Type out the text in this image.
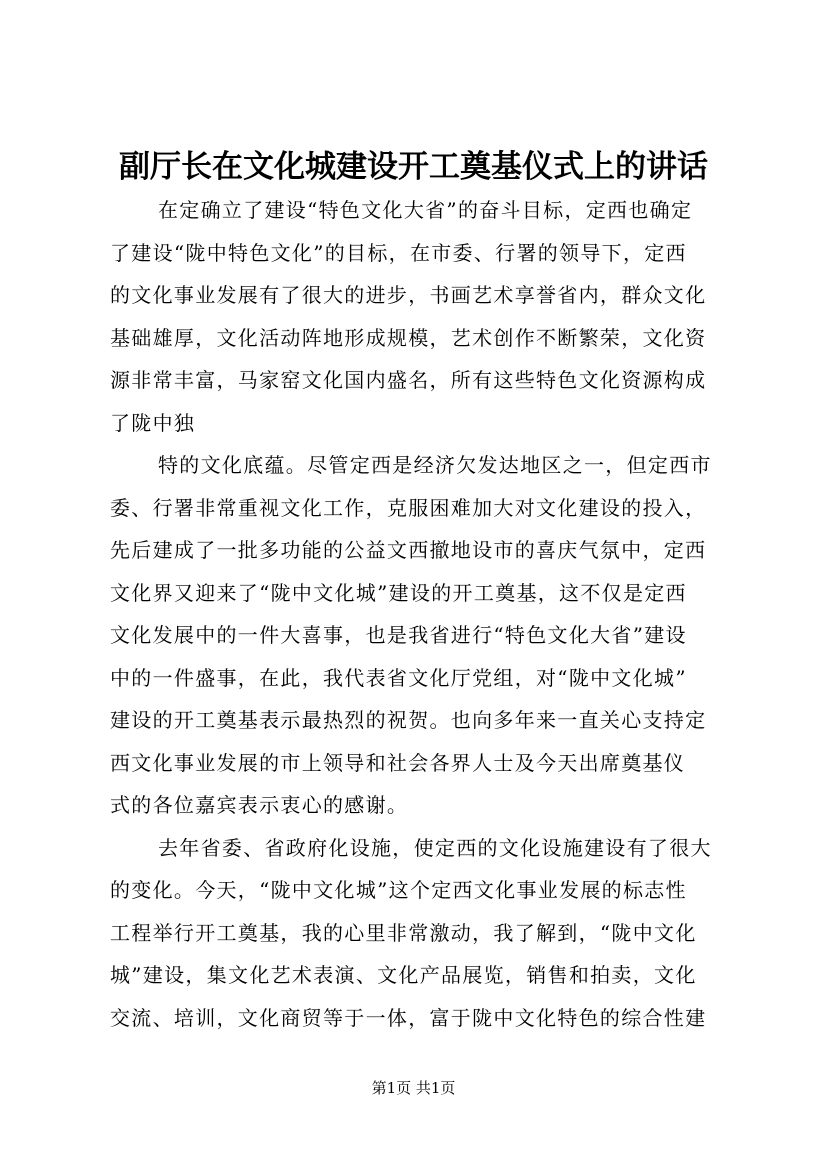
副厅长在文化城建设开工奠基仪式上的讲话
在定确立了建设“特色文化大省”的奋斗目标，定西也确定
了建设“陇中特色文化”的目标，在市委、行署的领导下，定西
的文化事业发展有了很大的进步，书画艺术享誉省内，群众文化
基础雄厚，文化活动阵地形成规模，艺术创作不断繁荣，文化资
源非常丰富，马家窑文化国内盛名，所有这些特色文化资源构成
了陇中独
特的文化底蕴。尽管定西是经济欠发达地区之一，但定西市
委、行署非常重视文化工作，克服困难加大对文化建设的投入，
先后建成了一批多功能的公益文西撤地设市的喜庆气氛中，定西
文化界又迎来了“陇中文化城”建设的开工奠基，这不仅是定西
文化发展中的一件大喜事，也是我省进行“特色文化大省”建设
中的一件盛事，在此，我代表省文化厅党组，对“陇中文化城”
建设的开工奠基表示最热烈的祝贺。也向多年来一直关心支持定
西文化事业发展的市上领导和社会各界人士及今天出席奠基仪
式的各位嘉宾表示衷心的感谢。
去年省委、省政府化设施，使定西的文化设施建设有了很大
的变化。今天，“陇中文化城”这个定西文化事业发展的标志性
工程举行开工奠基，我的心里非常激动，我了解到，“陇中文化
城”建设，集文化艺术表演、文化产品展览，销售和拍卖，文化
交流、培训，文化商贸等于一体，富于陇中文化特色的综合性建
第1页 共1页
